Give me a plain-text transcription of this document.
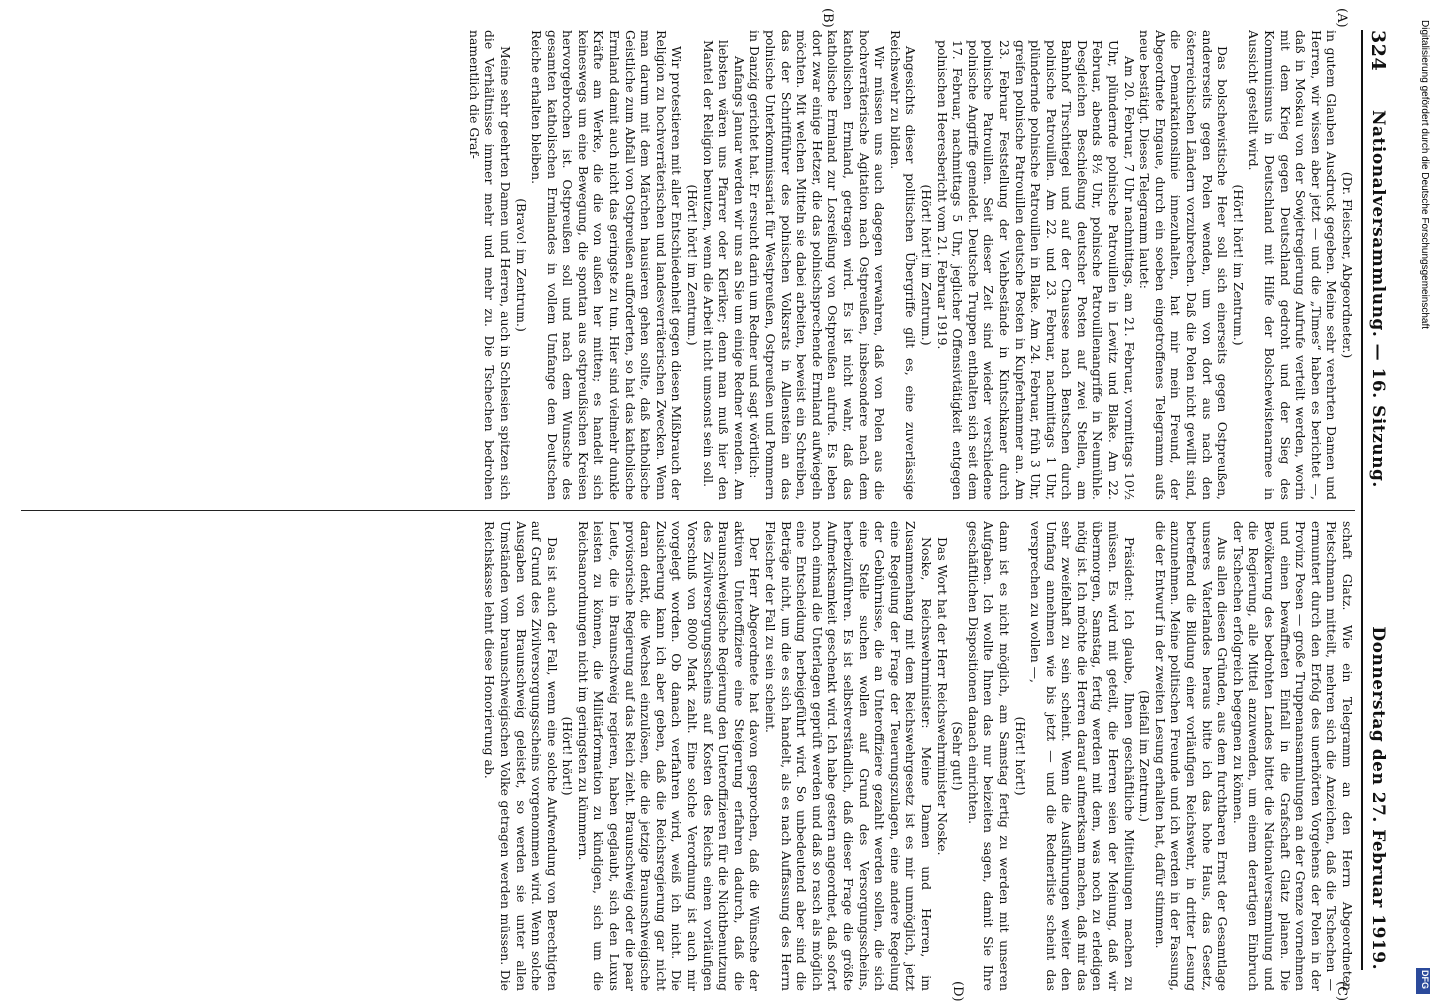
324
Nationalversammlung. — 16. Sitzung.
Donnerstag den 27. Februar 1919.
(A)
(B)
(C)
(D)

(Dr. Fleischer, Abgeordneter.)

in gutem Glauben Ausdruck gegeben. Meine sehr verehrten Damen und Herren, wir wissen aber jetzt — und die „Times“ haben es berichtet —, daß in Moskau von der Sowjetregierung Aufrufe verteilt werden, worin mit dem Krieg gegen Deutschland gedroht und der Sieg des Kommunismus in Deutschland mit Hilfe der Bolschewistenarmee in Aussicht gestellt wird.

(Hört! hört! im Zentrum.)

Das bolschewistische Heer soll sich einerseits gegen Ostpreußen, andererseits gegen Polen wenden, um von dort aus nach den österreichischen Ländern vorzubrechen. Daß die Polen nicht gewillt sind, die Demarkationslinie innezuhalten, hat mir mein Freund, der Abgeordnete Engaue, durch ein soeben eingetroffenes Telegramm aufs neue bestätigt. Dieses Telegramm lautet:

Am 20. Februar, 7 Uhr nachmittags, am 21. Februar, vormittags 10½ Uhr, plündernde polnische Patrouillen in Lewitz und Blake. Am 22. Februar, abends 8½ Uhr, polnische Patrouillenangriffe in Neumühle. Desgleichen Beschießung deutscher Posten auf zwei Stellen, am Bahnhof Tirschtiegel und auf der Chaussee nach Bentschen durch polnische Patrouillen. Am 22. und 23. Februar, nachmittags 1 Uhr, plündernde polnische Patrouillen in Blake. Am 24. Februar, früh 3 Uhr, greifen polnische Patrouillen deutsche Posten in Kupferhammer an. Am 23. Februar Feststellung der Viehbestände in Kintschkaner durch polnische Patrouillen. Seit dieser Zeit sind wieder verschiedene polnische Angriffe gemeldet. Deutsche Truppen enthalten sich seit dem 17. Februar, nachmittags 5 Uhr, jeglicher Offensivtätigkeit entgegen polnischen Heeresbericht vom 21. Februar 1919.

(Hört! hört! im Zentrum.)

Angesichts dieser politischen Übergriffe gilt es, eine zuverlässige Reichswehr zu bilden.

Wir müssen uns auch dagegen verwahren, daß von Polen aus die hochverräterische Agitation nach Ostpreußen, insbesondere nach dem katholischen Ermland, getragen wird. Es ist nicht wahr, daß das katholische Ermland zur Losreißung von Ostpreußen aufrufe. Es leben dort zwar einige Hetzer, die das polnischsprechende Ermland aufwiegeln möchten. Mit welchen Mitteln sie dabei arbeiten, beweist ein Schreiben, das der Schriftführer des polnischen Volksrats in Allenstein an das polnische Unterkommissariat für Westpreußen, Ostpreußen und Pommern in Danzig gerichtet hat. Er ersucht darin um Redner und sagt wörtlich:

Anfangs Januar werden wir uns an Sie um einige Redner wenden. Am liebsten wären uns Pfarrer oder Kleriker; denn man muß hier den Mantel der Religion benutzen, wenn die Arbeit nicht umsonst sein soll.

(Hört! hört! im Zentrum.)

Wir protestieren mit aller Entschiedenheit gegen diesen Mißbrauch der Religion zu hochverräterischen und landesverräterischen Zwecken. Wenn man darum mit dem Märchen hausieren gehen sollte, daß katholische Geistliche zum Abfall von Ostpreußen aufforderten, so hat das katholische Ermland damit auch nicht das geringste zu tun. Hier sind vielmehr dunkle Kräfte am Werke, die die von außen her mitten; es handelt sich keineswegs um eine Bewegung, die spontan aus ostpreußischen Kreisen hervorgebrochen ist. Ostpreußen soll und nach dem Wunsche des gesamten katholischen Ermlandes in vollem Umfange dem Deutschen Reiche erhalten bleiben.

(Bravo! im Zentrum.)

Meine sehr geehrten Damen und Herren, auch in Schlesien spitzen sich die Verhältnisse immer mehr und mehr zu. Die Tschechen bedrohen namentlich die Graf-

schaft Glatz. Wie ein Telegramm an den Herrn Abgeordneten Pietschmann mitteilt, mehren sich die Anzeichen, daß die Tschechen — ermuntert durch den Erfolg des unerhörten Vorgehens der Polen in der Provinz Posen — große Truppenansammlungen an der Grenze vornehmen und einen bewaffneten Einfall in die Grafschaft Glatz planen. Die Bevölkerung des bedrohten Landes bittet die Nationalversammlung und die Regierung, alle Mittel anzuwenden, um einem derartigen Einbruch der Tschechen erfolgreich begegnen zu können.

Aus allen diesen Gründen, aus dem furchtbaren Ernst der Gesamtlage unseres Vaterlandes heraus bitte ich das hohe Haus, das Gesetz, betreffend die Bildung einer vorläufigen Reichswehr, in dritter Lesung anzunehmen. Meine politischen Freunde und ich werden in der Fassung, die der Entwurf in der zweiten Lesung erhalten hat, dafür stimmen.

(Beifall im Zentrum.)

Präsident: Ich glaube, Ihnen geschäftliche Mitteilungen machen zu müssen. Es wird mit geteilt, die Herren seien der Meinung, daß wir übermorgen, Samstag, fertig werden mit dem, was noch zu erledigen nötig ist. Ich möchte die Herren darauf aufmerksam machen, daß mir das sehr zweifelhaft zu sein scheint. Wenn die Ausführungen weiter den Umfang annehmen wie bis jetzt — und die Rednerliste scheint das versprechen zu wollen —,

(Hört! hört!)

dann ist es nicht möglich, am Samstag fertig zu werden mit unseren Aufgaben. Ich wollte Ihnen das nur beizeiten sagen, damit Sie Ihre geschäftlichen Dispositionen danach einrichten.

(Sehr gut!)

Das Wort hat der Herr Reichswehrminister Noske.

Noske, Reichswehrminister: Meine Damen und Herren, im Zusammenhang mit dem Reichswehrgesetz ist es mir unmöglich, jetzt eine Regelung der Frage der Teuerungszulagen, eine andere Regelung der Gebührnisse, die an Unteroffiziere gezahlt werden sollen, die sich eine Stelle suchen wollen auf Grund des Versorgungsscheins, herbeizuführen. Es ist selbstverständlich, daß dieser Frage die größte Aufmerksamkeit geschenkt wird. Ich habe gestern angeordnet, daß sofort noch einmal die Unterlagen geprüft werden und daß so rasch als möglich eine Entscheidung herbeigeführt wird. So unbedeutend aber sind die Beträge nicht, um die es sich handelt, als es nach Auffassung des Herrn Fleischer der Fall zu sein scheint.

Der Herr Abgeordnete hat davon gesprochen, daß die Wünsche der aktiven Unteroffiziere eine Steigerung erfahren dadurch, daß die Braunschweigische Regierung den Unteroffizieren für die Nichtbenutzung des Zivilversorgungsscheins auf Kosten des Reichs einen vorläufigen Vorschuß von 8000 Mark zahlt. Eine solche Verordnung ist auch mir vorgelegt worden. Ob danach verfahren wird, weiß ich nicht. Die Zusicherung kann ich aber geben, daß die Reichsregierung gar nicht daran denkt, die Wechsel einzulösen, die die jetzige Braunschweigische provisorische Regierung auf das Reich zieht. Braunschweig oder die paar Leute, die in Braunschweig regieren, haben geglaubt, sich den Luxus leisten zu können, die Militärformation zu kündigen, sich um die Reichsanordnungen nicht im geringsten zu kümmern.

(Hört! hört!)

Das ist auch der Fall, wenn eine solche Aufwendung von Berechtigten auf Grund des Zivilversorgungsscheins vorgenommen wird. Wenn solche Ausgaben von Braunschweig geleistet, so werden sie unter allen Umständen vom braunschweigischen Volke getragen werden müssen. Die Reichskasse lehnt diese Honorierung ab.

Digitalisierung gefördert durch die Deutsche Forschungsgemeinschaft
DFG
